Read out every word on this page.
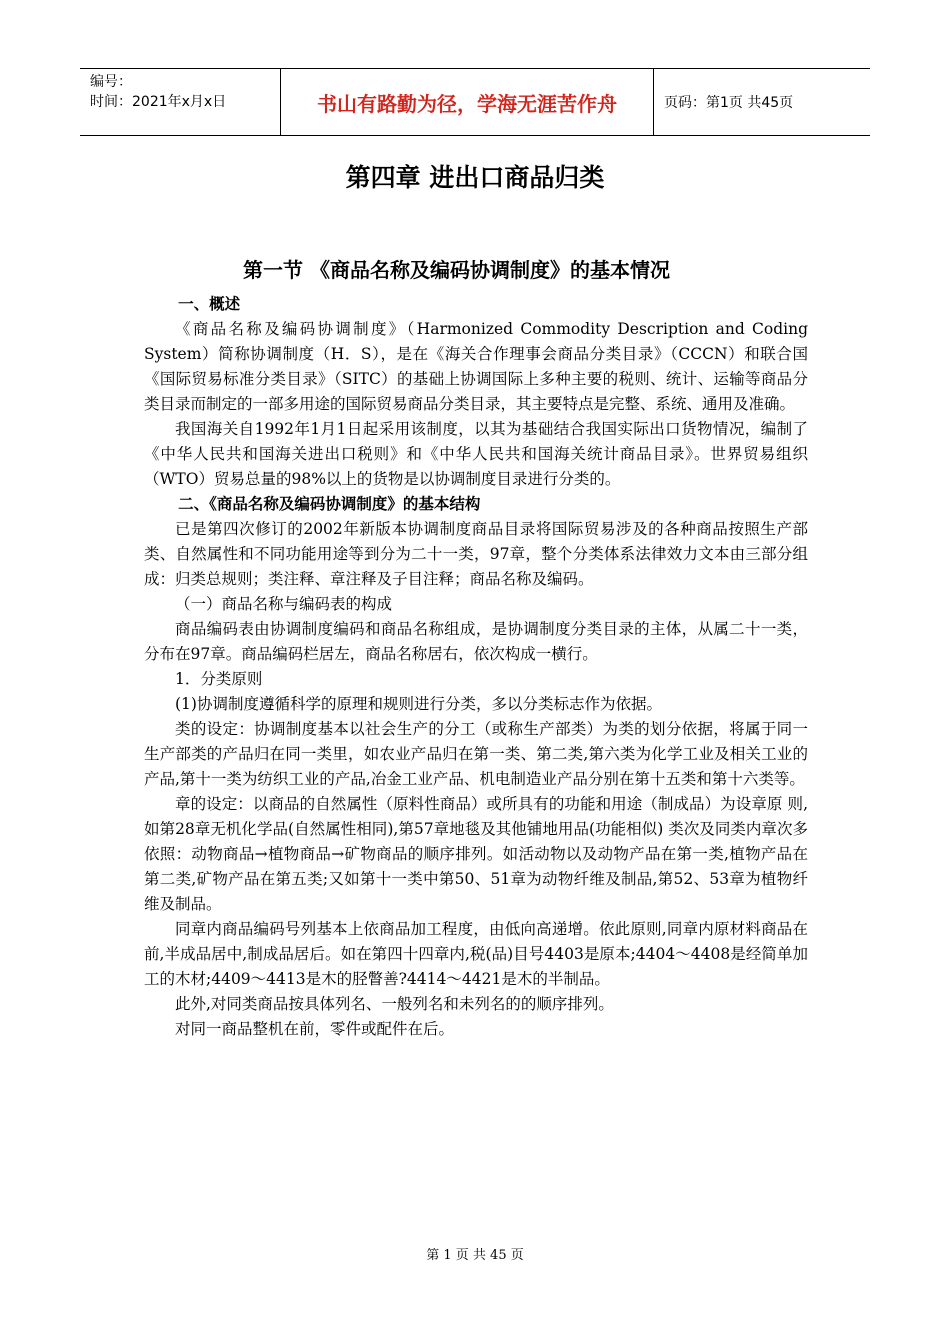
编号：
时间：2021年x月x日	书山有路勤为径，学海无涯苦作舟	页码：第1页 共45页
第四章 进出口商品归类
第一节 《商品名称及编码协调制度》的基本情况

一、概述

《商品名称及编码协调制度》（Harmonized Commodity Description and Coding System）简称协调制度（H．S），是在《海关合作理事会商品分类目录》（CCCN）和联合国《国际贸易标准分类目录》（SITC）的基础上协调国际上多种主要的税则、统计、运输等商品分类目录而制定的一部多用途的国际贸易商品分类目录，其主要特点是完整、系统、通用及准确。

我国海关自1992年1月1日起采用该制度，以其为基础结合我国实际出口货物情况，编制了《中华人民共和国海关进出口税则》和《中华人民共和国海关统计商品目录》。世界贸易组织（WTO）贸易总量的98%以上的货物是以协调制度目录进行分类的。

二、《商品名称及编码协调制度》的基本结构

已是第四次修订的2002年新版本协调制度商品目录将国际贸易涉及的各种商品按照生产部类、自然属性和不同功能用途等到分为二十一类，97章，整个分类体系法律效力文本由三部分组成：归类总规则；类注释、章注释及子目注释；商品名称及编码。

（一）商品名称与编码表的构成

商品编码表由协调制度编码和商品名称组成，是协调制度分类目录的主体，从属二十一类，分布在97章。商品编码栏居左，商品名称居右，依次构成一横行。

1．分类原则

(1)协调制度遵循科学的原理和规则进行分类，多以分类标志作为依据。

类的设定：协调制度基本以社会生产的分工（或称生产部类）为类的划分依据，将属于同一生产部类的产品归在同一类里，如农业产品归在第一类、第二类,第六类为化学工业及相关工业的产品,第十一类为纺织工业的产品,冶金工业产品、机电制造业产品分别在第十五类和第十六类等。

章的设定：以商品的自然属性（原料性商品）或所具有的功能和用途（制成品）为设章原 则,如第28章无机化学品(自然属性相同),第57章地毯及其他铺地用品(功能相似) 类次及同类内章次多依照：动物商品→植物商品→矿物商品的顺序排列。如活动物以及动物产品在第一类,植物产品在第二类,矿物产品在第五类;又如第十一类中第50、51章为动物纤维及制品,第52、53章为植物纤维及制品。

同章内商品编码号列基本上依商品加工程度，由低向高递增。依此原则,同章内原材料商品在前,半成品居中,制成品居后。如在第四十四章内,税(品)目号4403是原本;4404～4408是经简单加工的木材;4409～4413是木的胫瞥善?4414～4421是木的半制品。

此外,对同类商品按具体列名、一般列名和未列名的的顺序排列。

对同一商品整机在前，零件或配件在后。

第 1 页 共 45 页
